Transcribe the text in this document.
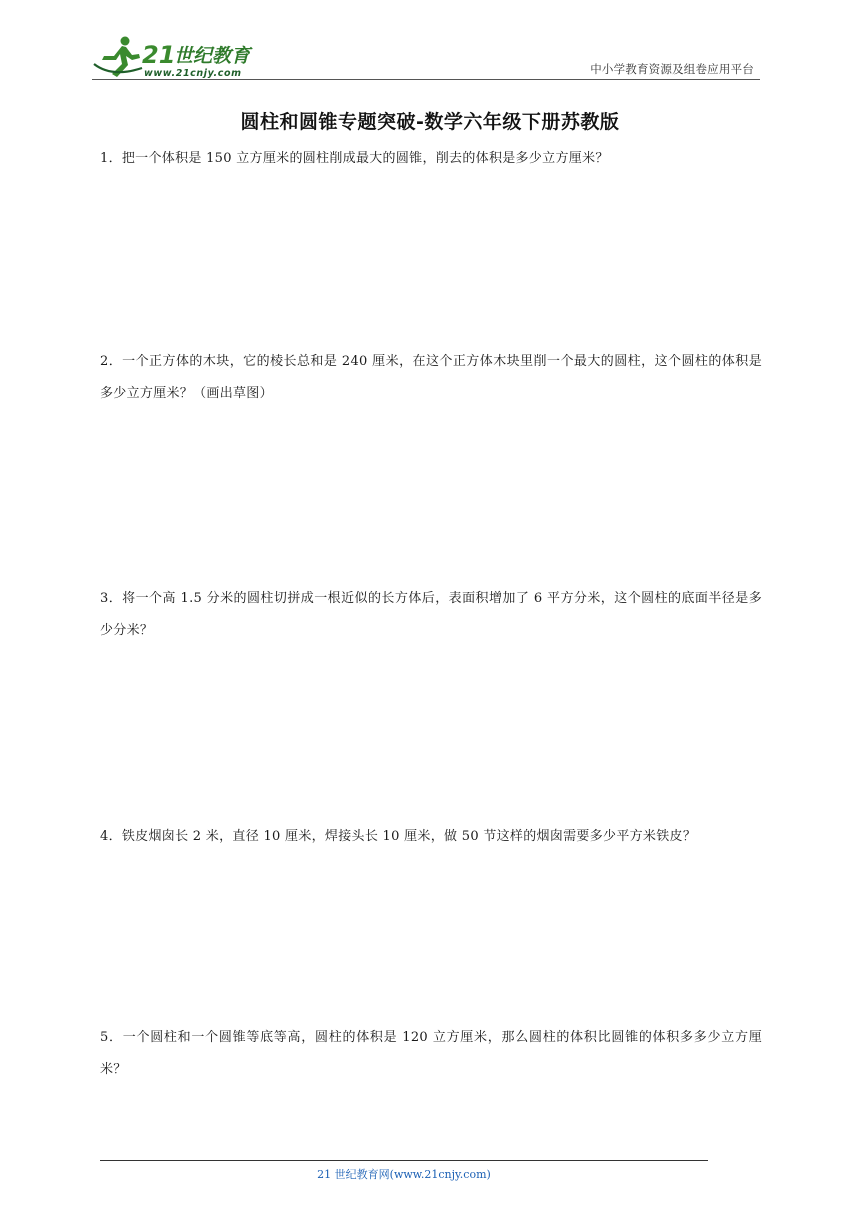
21
世纪教育
www.21cnjy.com	中小学教育资源及组卷应用平台
圆柱和圆锥专题突破-数学六年级下册苏教版
1．把一个体积是 150 立方厘米的圆柱削成最大的圆锥，削去的体积是多少立方厘米？
2．一个正方体的木块，它的棱长总和是 240 厘米，在这个正方体木块里削一个最大的圆柱，这个圆柱的体积是多少立方厘米？（画出草图）
3．将一个高 1.5 分米的圆柱切拼成一根近似的长方体后，表面积增加了 6 平方分米，这个圆柱的底面半径是多少分米？
4．铁皮烟囱长 2 米，直径 10 厘米，焊接头长 10 厘米，做 50 节这样的烟囱需要多少平方米铁皮？
5．一个圆柱和一个圆锥等底等高，圆柱的体积是 120 立方厘米，那么圆柱的体积比圆锥的体积多多少立方厘米？
21 世纪教育网(www.21cnjy.com)
